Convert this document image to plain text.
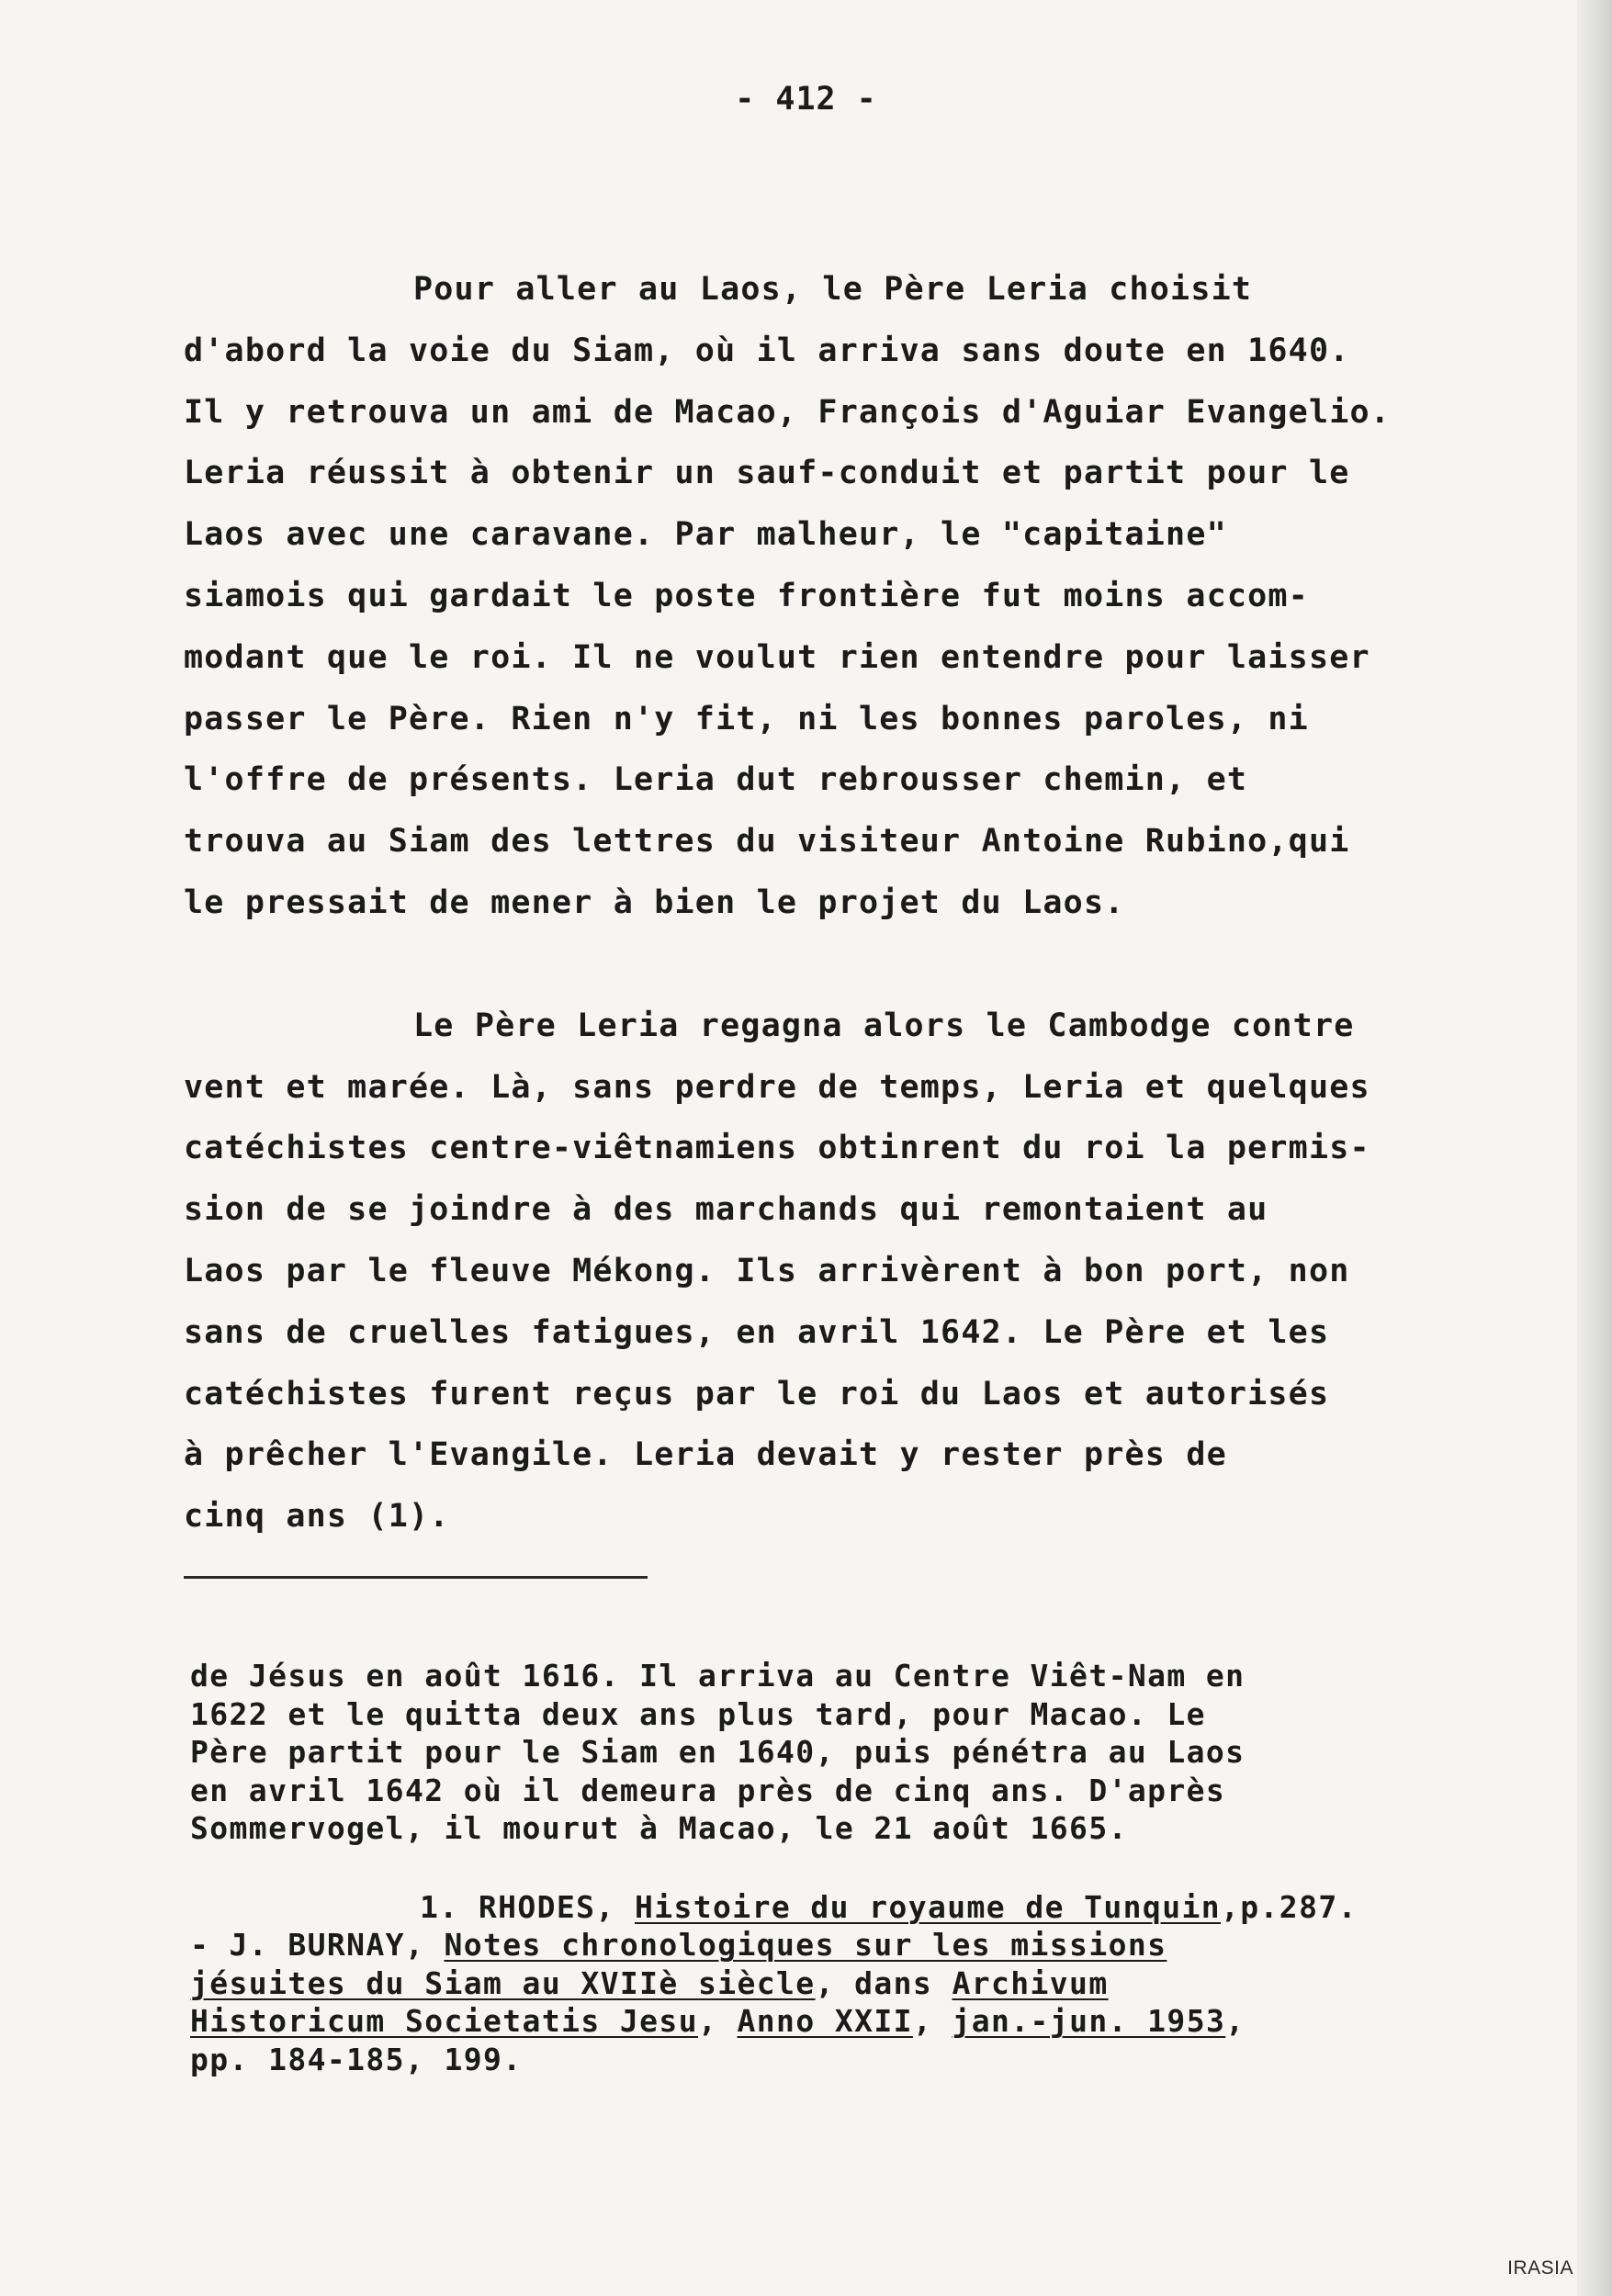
- 412 -

Pour aller au Laos, le Père Leria choisit
d'abord la voie du Siam, où il arriva sans doute en 1640.
Il y retrouva un ami de Macao, François d'Aguiar Evangelio.
Leria réussit à obtenir un sauf-conduit et partit pour le
Laos avec une caravane. Par malheur, le "capitaine"
siamois qui gardait le poste frontière fut moins accom-
modant que le roi. Il ne voulut rien entendre pour laisser
passer le Père. Rien n'y fit, ni les bonnes paroles, ni
l'offre de présents. Leria dut rebrousser chemin, et
trouva au Siam des lettres du visiteur Antoine Rubino,qui
le pressait de mener à bien le projet du Laos.

Le Père Leria regagna alors le Cambodge contre
vent et marée. Là, sans perdre de temps, Leria et quelques
catéchistes centre-viêtnamiens obtinrent du roi la permis-
sion de se joindre à des marchands qui remontaient au
Laos par le fleuve Mékong. Ils arrivèrent à bon port, non
sans de cruelles fatigues, en avril 1642. Le Père et les
catéchistes furent reçus par le roi du Laos et autorisés
à prêcher l'Evangile. Leria devait y rester près de
cinq ans (1).

de Jésus en août 1616. Il arriva au Centre Viêt-Nam en
1622 et le quitta deux ans plus tard, pour Macao. Le
Père partit pour le Siam en 1640, puis pénétra au Laos
en avril 1642 où il demeura près de cinq ans. D'après
Sommervogel, il mourut à Macao, le 21 août 1665.
1. RHODES, Histoire du royaume de Tunquin,p.287.
- J. BURNAY, Notes chronologiques sur les missions
jésuites du Siam au XVIIè siècle, dans Archivum
Historicum Societatis Jesu, Anno XXII, jan.-jun. 1953,
pp. 184-185, 199.
IRASIA
